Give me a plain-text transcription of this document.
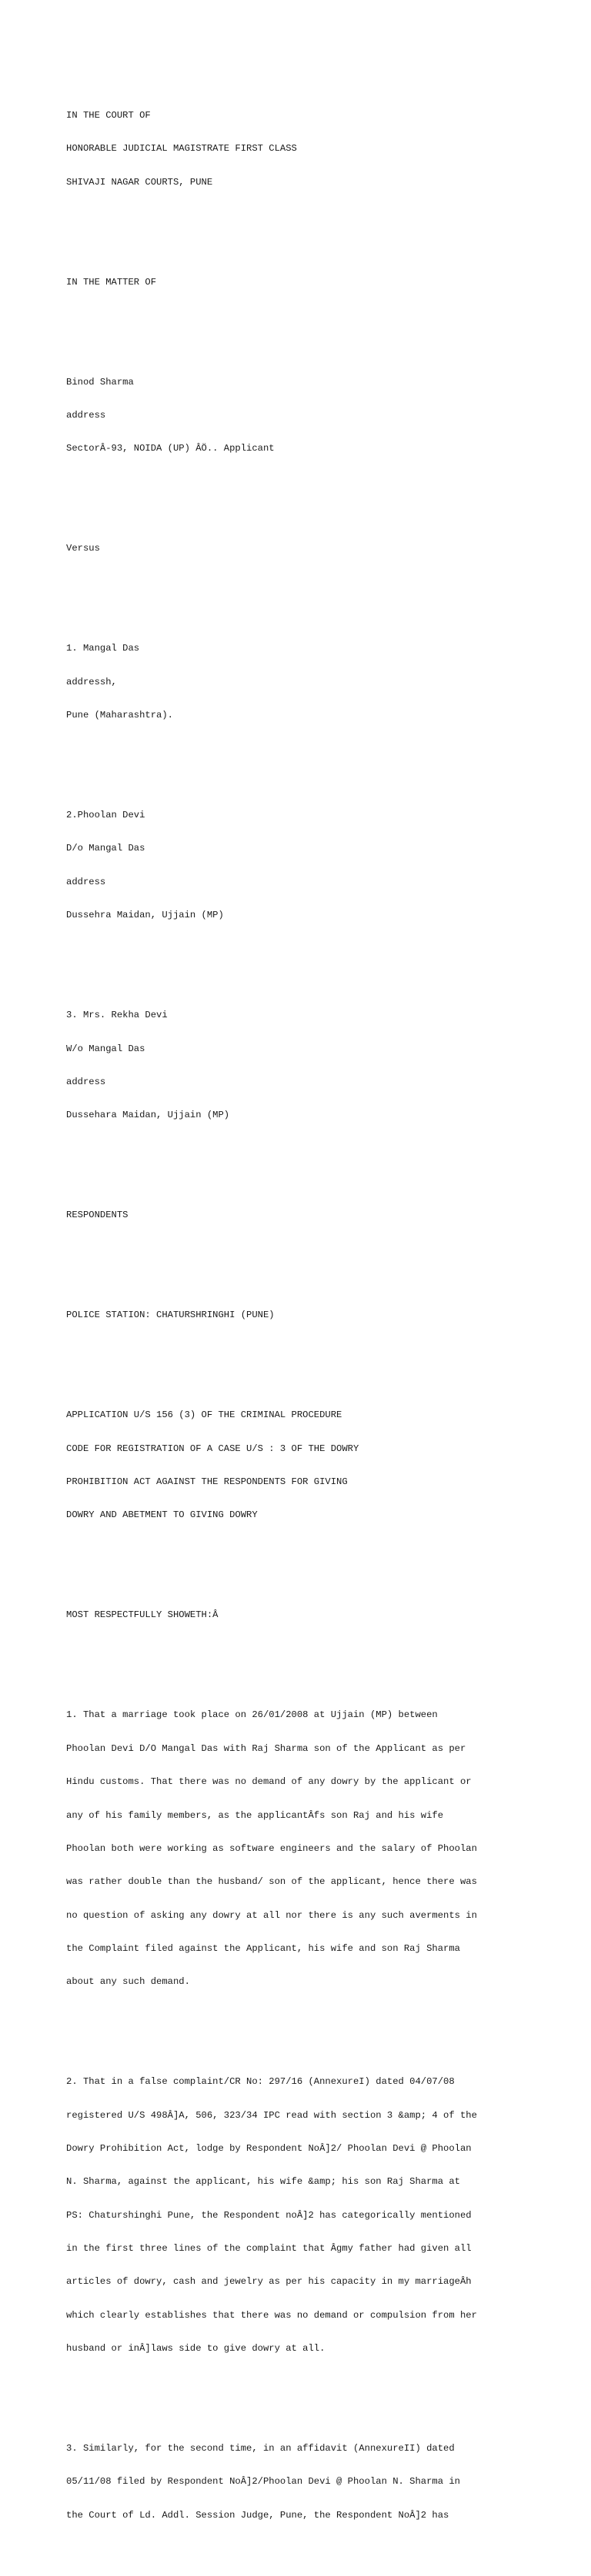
IN THE COURT OF

HONORABLE JUDICIAL MAGISTRATE FIRST CLASS

SHIVAJI NAGAR COURTS, PUNE

IN THE MATTER OF

Binod Sharma

address

SectorÂ-93, NOIDA (UP) ÂÖ.. Applicant

Versus

1. Mangal Das

addressh,

Pune (Maharashtra).

2.Phoolan Devi

D/o Mangal Das

address

Dussehra Maidan, Ujjain (MP)

3. Mrs. Rekha Devi

W/o Mangal Das

address

Dussehara Maidan, Ujjain (MP)

RESPONDENTS

POLICE STATION: CHATURSHRINGHI (PUNE)

APPLICATION U/S 156 (3) OF THE CRIMINAL PROCEDURE

CODE FOR REGISTRATION OF A CASE U/S : 3 OF THE DOWRY

PROHIBITION ACT AGAINST THE RESPONDENTS FOR GIVING

DOWRY AND ABETMENT TO GIVING DOWRY

MOST RESPECTFULLY SHOWETH:Â

1. That a marriage took place on 26/01/2008 at Ujjain (MP) between

Phoolan Devi D/O Mangal Das with Raj Sharma son of the Applicant as per

Hindu customs. That there was no demand of any dowry by the applicant or

any of his family members, as the applicantÂfs son Raj and his wife

Phoolan both were working as software engineers and the salary of Phoolan

was rather double than the husband/ son of the applicant, hence there was

no question of asking any dowry at all nor there is any such averments in

the Complaint filed against the Applicant, his wife and son Raj Sharma

about any such demand.

2. That in a false complaint/CR No: 297/16 (AnnexureI) dated 04/07/08

registered U/S 498Â]A, 506, 323/34 IPC read with section 3 &amp; 4 of the

Dowry Prohibition Act, lodge by Respondent NoÂ]2/ Phoolan Devi @ Phoolan

N. Sharma, against the applicant, his wife &amp; his son Raj Sharma at

PS: Chaturshinghi Pune, the Respondent noÂ]2 has categorically mentioned

in the first three lines of the complaint that Âgmy father had given all

articles of dowry, cash and jewelry as per his capacity in my marriageÂh

which clearly establishes that there was no demand or compulsion from her

husband or inÂ]laws side to give dowry at all.

3. Similarly, for the second time, in an affidavit (AnnexureII) dated

05/11/08 filed by Respondent NoÂ]2/Phoolan Devi @ Phoolan N. Sharma in

the Court of Ld. Addl. Session Judge, Pune, the Respondent NoÂ]2 has
